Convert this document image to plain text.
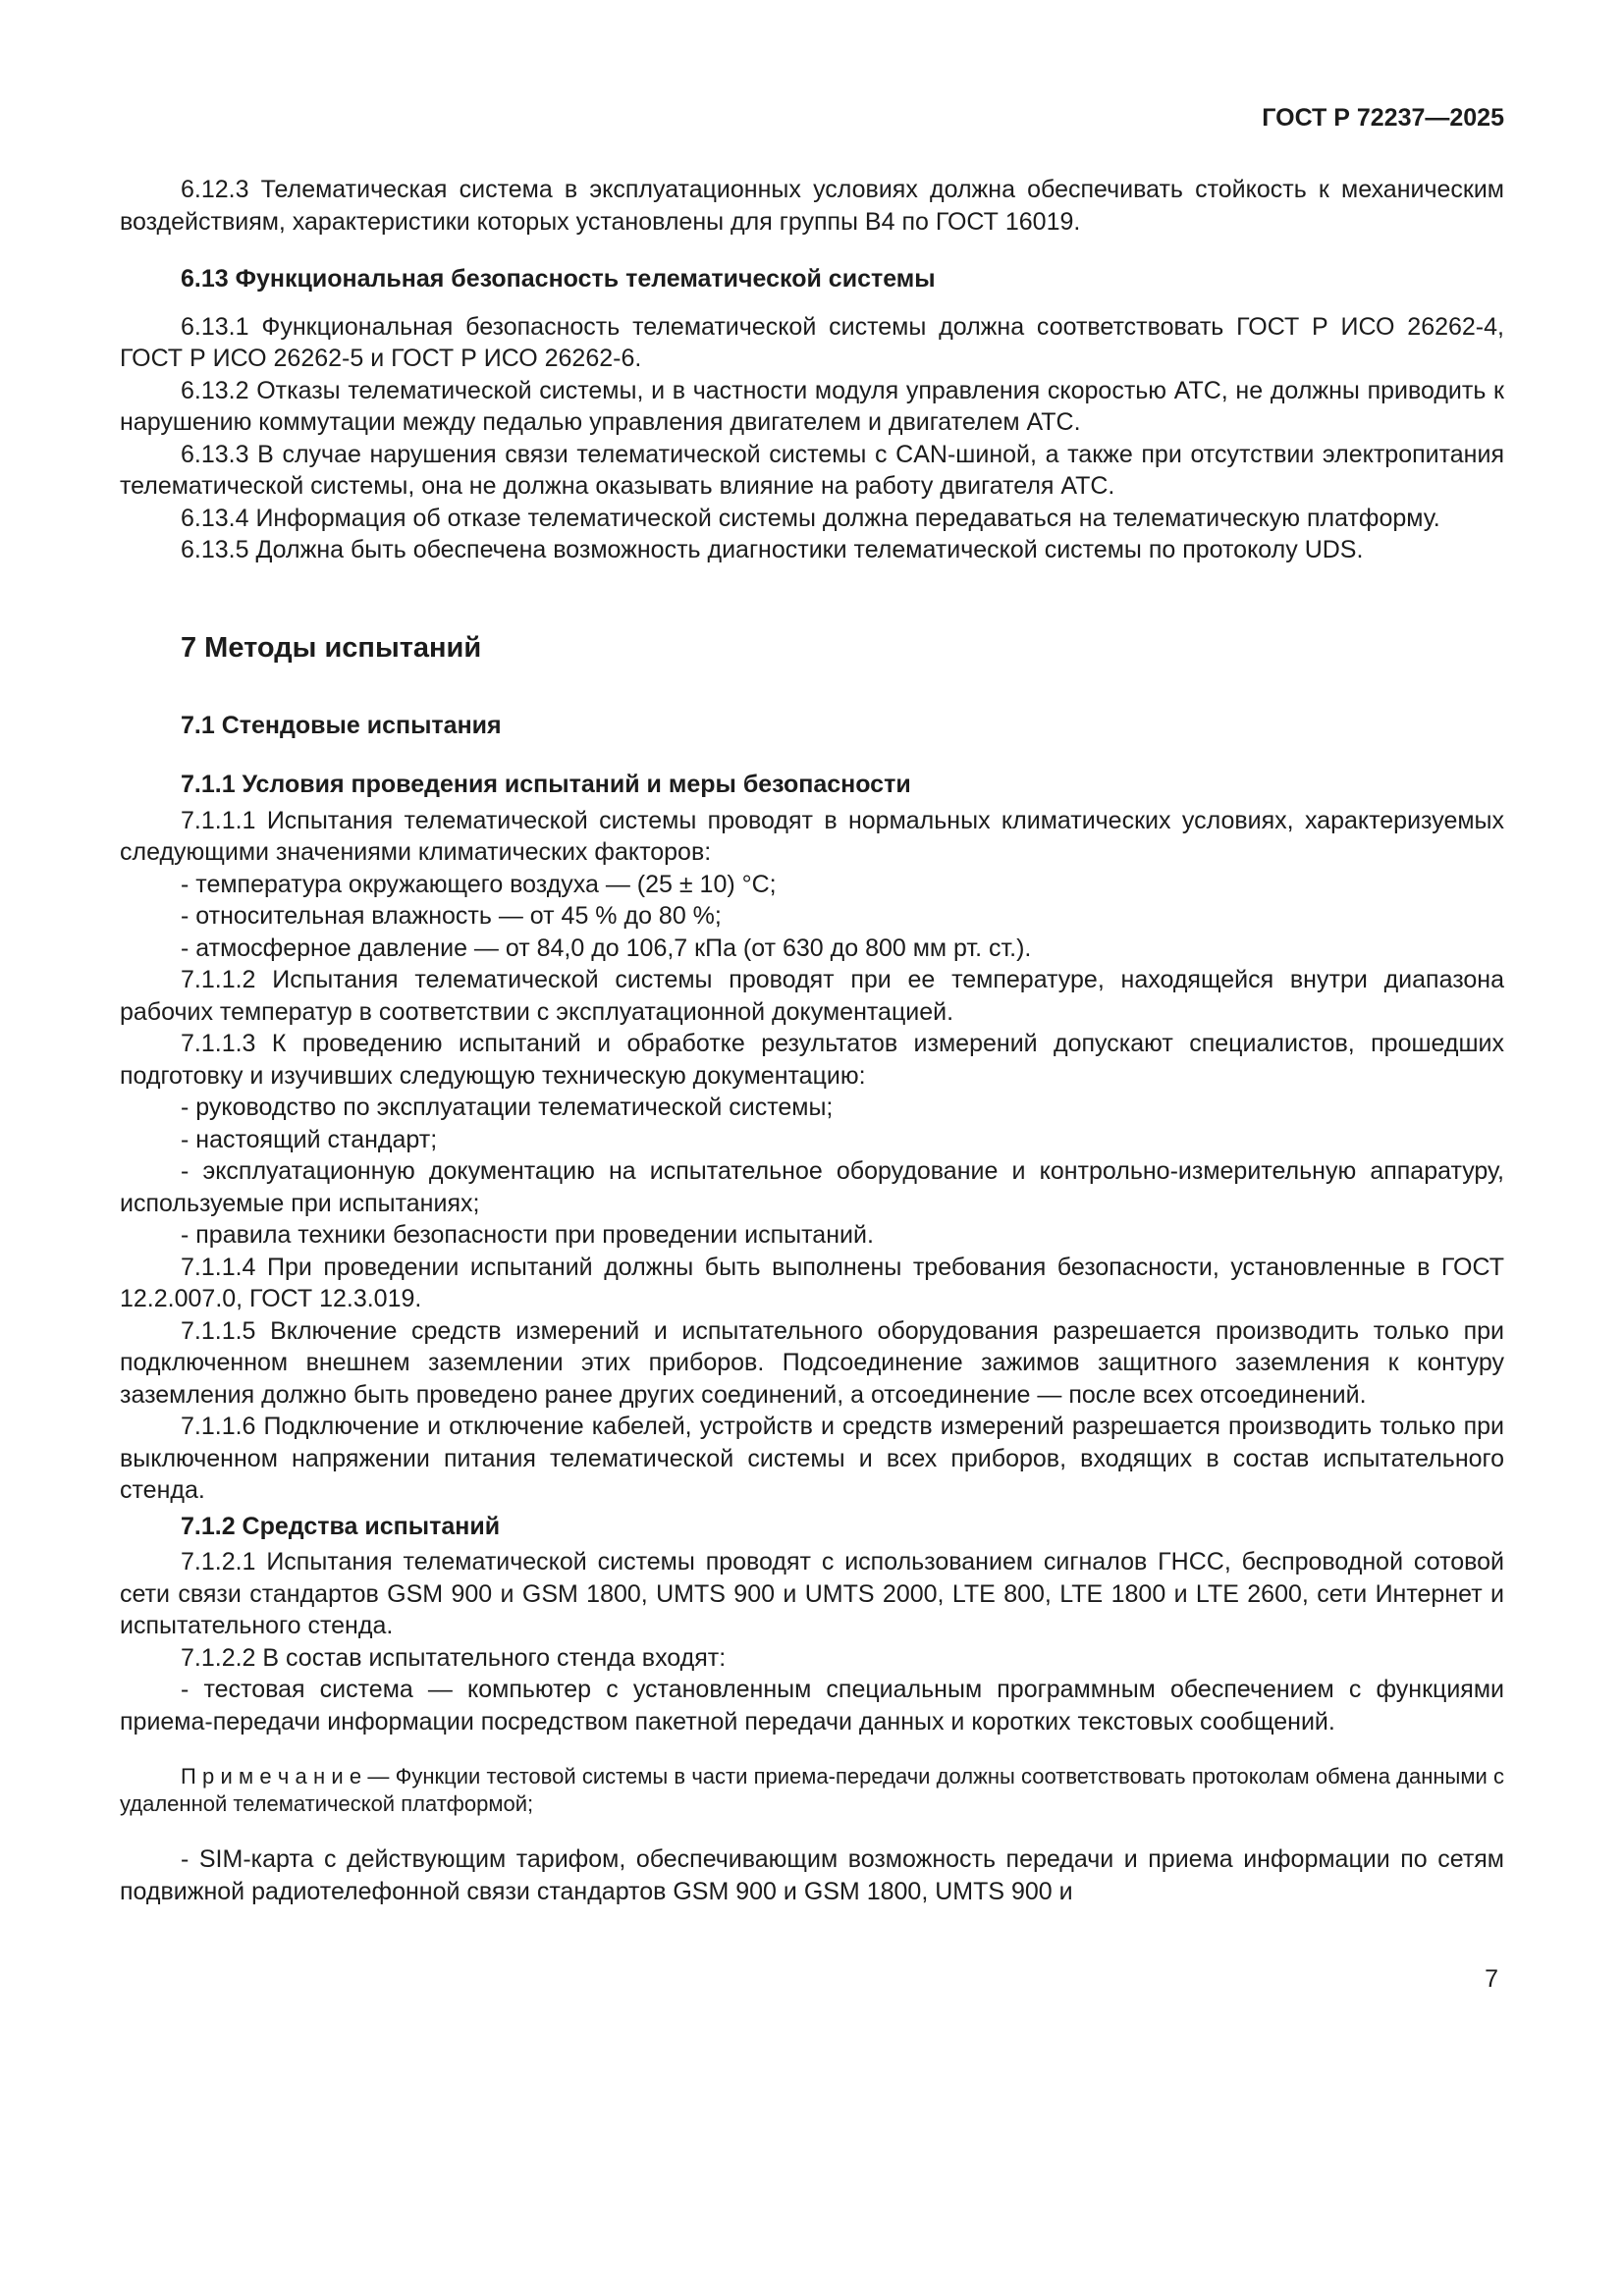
ГОСТ Р 72237—2025

6.12.3 Телематическая система в эксплуатационных условиях должна обеспечивать стойкость к механическим воздействиям, характеристики которых установлены для группы В4 по ГОСТ 16019.

6.13 Функциональная безопасность телематической системы

6.13.1 Функциональная безопасность телематической системы должна соответствовать ГОСТ Р ИСО 26262-4, ГОСТ Р ИСО 26262-5 и ГОСТ Р ИСО 26262-6.

6.13.2 Отказы телематической системы, и в частности модуля управления скоростью АТС, не должны приводить к нарушению коммутации между педалью управления двигателем и двигателем АТС.

6.13.3 В случае нарушения связи телематической системы с CAN-шиной, а также при отсутствии электропитания телематической системы, она не должна оказывать влияние на работу двигателя АТС.

6.13.4 Информация об отказе телематической системы должна передаваться на телематическую платформу.

6.13.5 Должна быть обеспечена возможность диагностики телематической системы по протоколу UDS.

7 Методы испытаний

7.1 Стендовые испытания

7.1.1 Условия проведения испытаний и меры безопасности

7.1.1.1 Испытания телематической системы проводят в нормальных климатических условиях, характеризуемых следующими значениями климатических факторов:

- температура окружающего воздуха — (25 ± 10) °С;

- относительная влажность — от 45 % до 80 %;

- атмосферное давление — от 84,0 до 106,7 кПа (от 630 до 800 мм рт. ст.).

7.1.1.2 Испытания телематической системы проводят при ее температуре, находящейся внутри диапазона рабочих температур в соответствии с эксплуатационной документацией.

7.1.1.3 К проведению испытаний и обработке результатов измерений допускают специалистов, прошедших подготовку и изучивших следующую техническую документацию:

- руководство по эксплуатации телематической системы;

- настоящий стандарт;

- эксплуатационную документацию на испытательное оборудование и контрольно-измерительную аппаратуру, используемые при испытаниях;

- правила техники безопасности при проведении испытаний.

7.1.1.4 При проведении испытаний должны быть выполнены требования безопасности, установленные в ГОСТ 12.2.007.0, ГОСТ 12.3.019.

7.1.1.5 Включение средств измерений и испытательного оборудования разрешается производить только при подключенном внешнем заземлении этих приборов. Подсоединение зажимов защитного заземления к контуру заземления должно быть проведено ранее других соединений, а отсоединение — после всех отсоединений.

7.1.1.6 Подключение и отключение кабелей, устройств и средств измерений разрешается производить только при выключенном напряжении питания телематической системы и всех приборов, входящих в состав испытательного стенда.

7.1.2 Средства испытаний

7.1.2.1 Испытания телематической системы проводят с использованием сигналов ГНСС, беспроводной сотовой сети связи стандартов GSM 900 и GSM 1800, UMTS 900 и UMTS 2000, LTE 800, LTE 1800 и LTE 2600, сети Интернет и испытательного стенда.

7.1.2.2 В состав испытательного стенда входят:

- тестовая система — компьютер с установленным специальным программным обеспечением с функциями приема-передачи информации посредством пакетной передачи данных и коротких текстовых сообщений.

П р и м е ч а н и е — Функции тестовой системы в части приема-передачи должны соответствовать протоколам обмена данными с удаленной телематической платформой;

- SIM-карта с действующим тарифом, обеспечивающим возможность передачи и приема информации по сетям подвижной радиотелефонной связи стандартов GSM 900 и GSM 1800, UMTS 900 и

7
